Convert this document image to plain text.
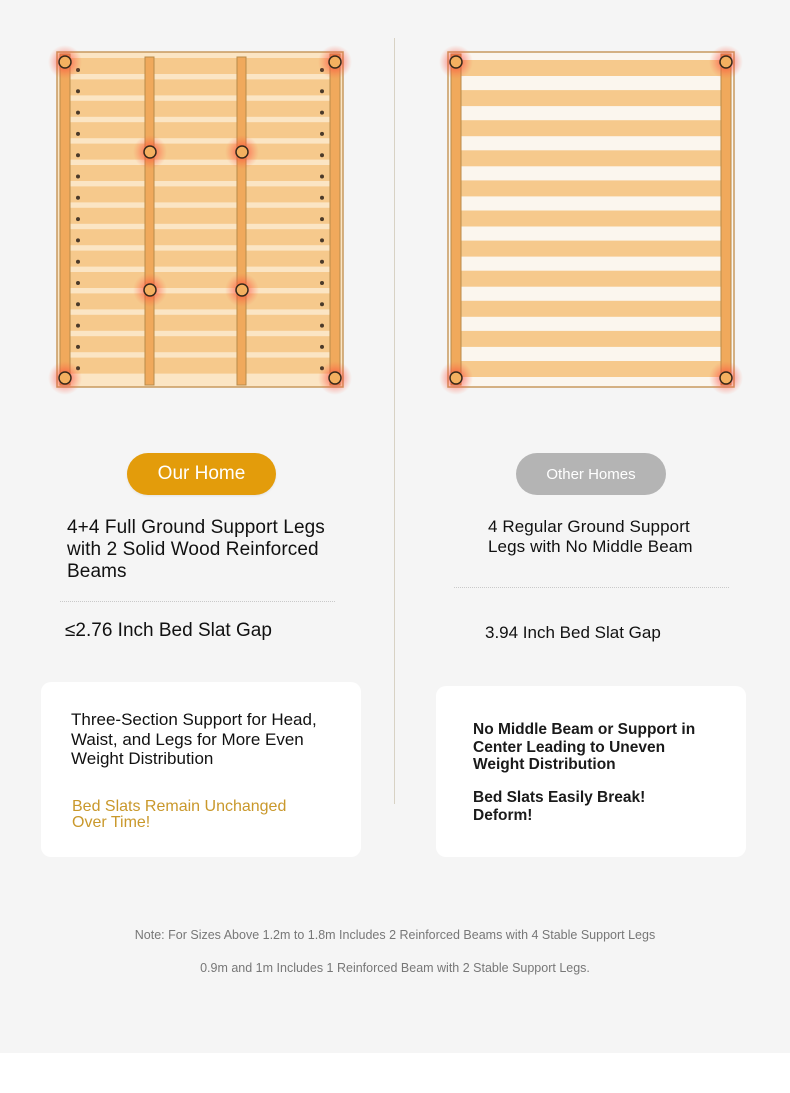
Our Home

4+4 Full Ground Support Legs with 2 Solid Wood Reinforced Beams

≤2.76 Inch Bed Slat Gap

Three-Section Support for Head, Waist, and Legs for More Even Weight Distribution

Bed Slats Remain Unchanged Over Time!

Other Homes

4 Regular Ground Support Legs with No Middle Beam

3.94 Inch Bed Slat Gap

No Middle Beam or Support in Center Leading to Uneven Weight Distribution

Bed Slats Easily Break! Deform!

Note: For Sizes Above 1.2m to 1.8m Includes 2 Reinforced Beams with 4 Stable Support Legs
0.9m and 1m Includes 1 Reinforced Beam with 2 Stable Support Legs.
